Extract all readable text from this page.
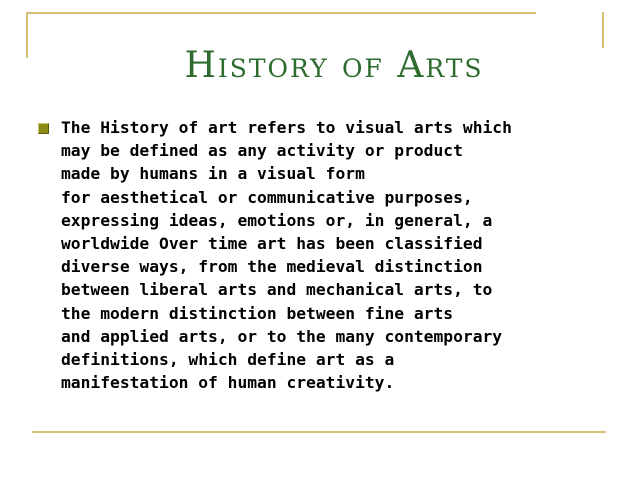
History of Arts
The History of art refers to visual arts which
may be defined as any activity or product
made by humans in a visual form
for aesthetical or communicative purposes,
expressing ideas, emotions or, in general, a
worldwide Over time art has been classified
diverse ways, from the medieval distinction
between liberal arts and mechanical arts, to
the modern distinction between fine arts
and applied arts, or to the many contemporary
definitions, which define art as a
manifestation of human creativity.
